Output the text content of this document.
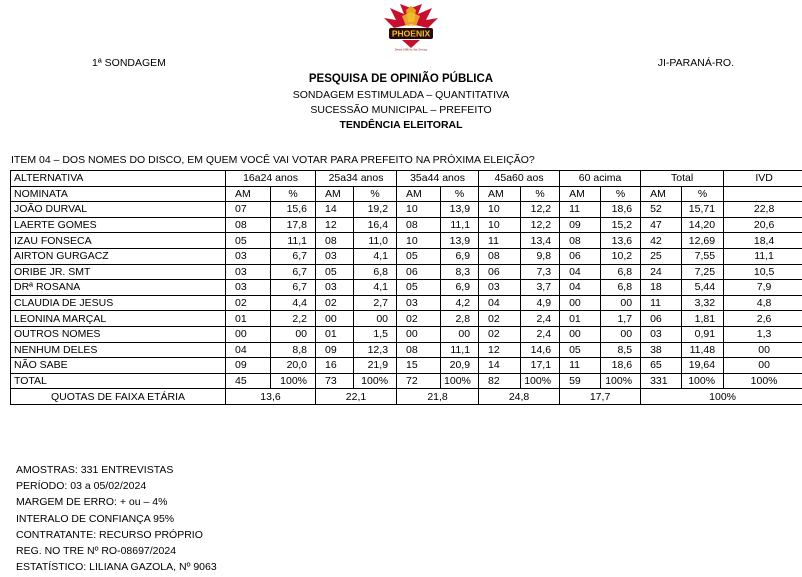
PHOENIX
Desde 1988 Ao Seu Serviço
1ª SONDAGEM	JI-PARANÁ-RO.
PESQUISA DE OPINIÃO PÚBLICA
SONDAGEM ESTIMULADA – QUANTITATIVA
SUCESSÃO MUNICIPAL – PREFEITO
TENDÊNCIA ELEITORAL
ITEM 04 – DOS NOMES DO DISCO, EM QUEM VOCÊ VAI VOTAR PARA PREFEITO NA PRÓXIMA ELEIÇÃO?
ALTERNATIVA	16a24 anos		25a34 anos		35a44 anos		45a60 aos		60 acima		Total		IVD
NOMINATA	AM	%	AM	%	AM	%	AM	%	AM	%	AM	%	
JOÃO DURVAL	07	15,6	14	19,2	10	13,9	10	12,2	11	18,6	52	15,71	22,8
LAERTE GOMES	08	17,8	12	16,4	08	11,1	10	12,2	09	15,2	47	14,20	20,6
IZAU FONSECA	05	11,1	08	11,0	10	13,9	11	13,4	08	13,6	42	12,69	18,4
AIRTON GURGACZ	03	6,7	03	4,1	05	6,9	08	9,8	06	10,2	25	7,55	11,1
ORIBE JR. SMT	03	6,7	05	6,8	06	8,3	06	7,3	04	6,8	24	7,25	10,5
DRª ROSANA	03	6,7	03	4,1	05	6,9	03	3,7	04	6,8	18	5,44	7,9
CLAUDIA DE JESUS	02	4,4	02	2,7	03	4,2	04	4,9	00	00	11	3,32	4,8
LEONINA MARÇAL	01	2,2	00	00	02	2,8	02	2,4	01	1,7	06	1,81	2,6
OUTROS NOMES	00	00	01	1,5	00	00	02	2,4	00	00	03	0,91	1,3
NENHUM DELES	04	8,8	09	12,3	08	11,1	12	14,6	05	8,5	38	11,48	00
NÃO SABE	09	20,0	16	21,9	15	20,9	14	17,1	11	18,6	65	19,64	00
TOTAL	45	100%	73	100%	72	100%	82	100%	59	100%	331	100%	100%
QUOTAS DE FAIXA ETÁRIA	13,6		22,1		21,8		24,8		17,7		100%		
AMOSTRAS: 331 ENTREVISTAS
PERÍODO: 03 a 05/02/2024
MARGEM DE ERRO: + ou – 4%
INTERALO DE CONFIANÇA 95%
CONTRATANTE: RECURSO PRÓPRIO
REG. NO TRE Nº RO-08697/2024
ESTATÍSTICO: LILIANA GAZOLA, Nº 9063
